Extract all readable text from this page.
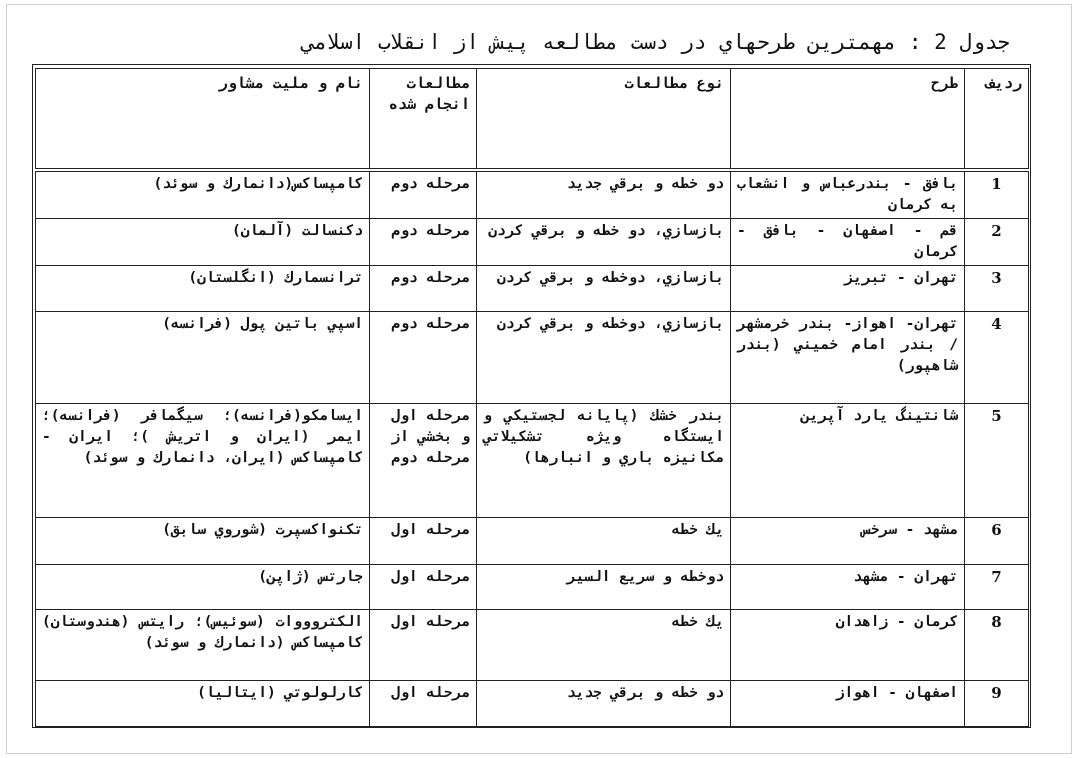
جدول 2 : مهمترين طرحهاي در دست مطالعه پيش از انقلاب اسلامي
رديف	طرح	نوع مطالعات	مطالعات انجام شده	نام و مليت مشاور
1	بافق - بندرعباس و انشعاب به كرمان	دو خطه و برقي جديد	مرحله دوم	كامپساكس(دانمارك و سوئد)
2	قم - اصفهان - بافق - كرمان	بازسازي، دو خطه و برقي كردن	مرحله دوم	دكنسالت (آلمان)
3	تهران - تبريز	بازسازي، دوخطه و برقي كردن	مرحله دوم	ترانسمارك (انگلستان)
4	تهران- اهواز- بندر خرمشهر / بندر امام خميني (بندر شاهپور)	بازسازي، دوخطه و برقي كردن	مرحله دوم	اسپي باتين پول (فرانسه)
5	شانتينگ يارد آپرين	بندر خشك (پايانه لجستيكي و ايستگاه ويژه تشكيلاتي مكانيزه باري و انبارها)	مرحله اول و بخشي از مرحله دوم	ايسامكو(فرانسه)؛ سيگمافر (فرانسه)؛ ايمر (ايران و اتريش )؛ ايران - كامپساكس (ايران، دانمارك و سوئد)
6	مشهد - سرخس	يك خطه	مرحله اول	تكنواكسپرت (شوروي سابق)
7	تهران - مشهد	دوخطه و سريع السير	مرحله اول	جارتس (ژاپن)
8	كرمان - زاهدان	يك خطه	مرحله اول	الكتروووات (سوئيس)؛ رايتس (هندوستان) كامپساكس (دانمارك و سوئد)
9	اصفهان - اهواز	دو خطه و برقي جديد	مرحله اول	كارلولوتي (ايتاليا)
